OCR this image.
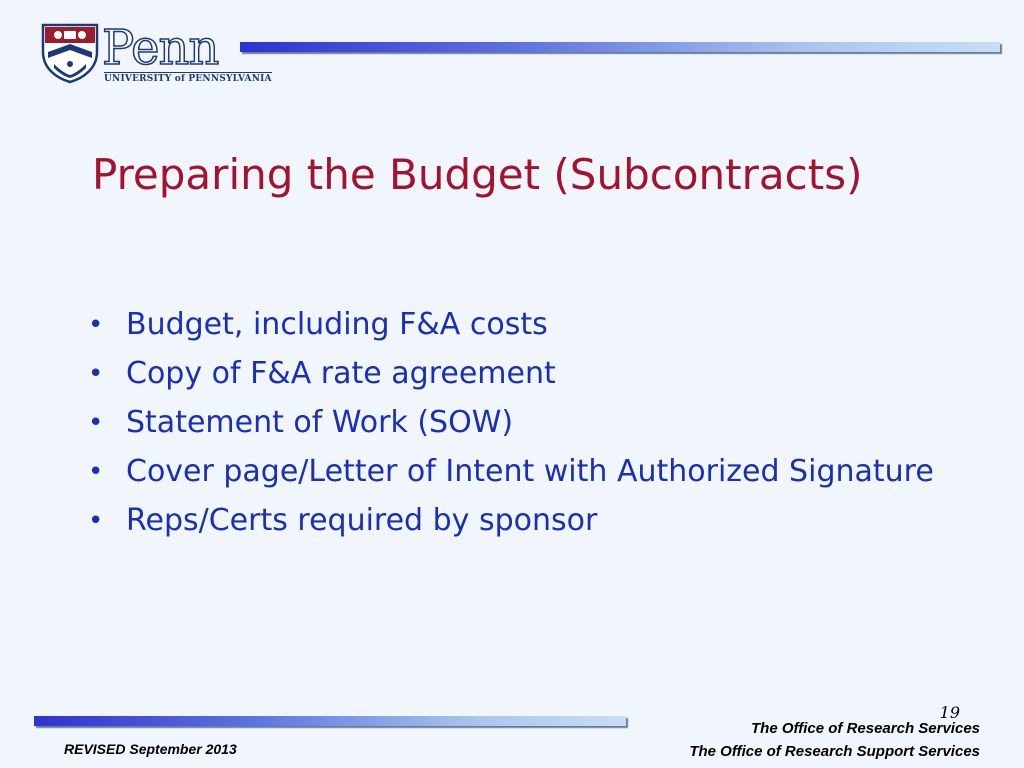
Penn
UNIVERSITY of PENNSYLVANIA
Preparing the Budget (Subcontracts)
• Budget, including F&A costs
• Copy of F&A rate agreement
• Statement of Work (SOW)
• Cover page/Letter of Intent with Authorized Signature
• Reps/Certs required by sponsor
19
The Office of Research Services
The Office of Research Support Services
REVISED September 2013
